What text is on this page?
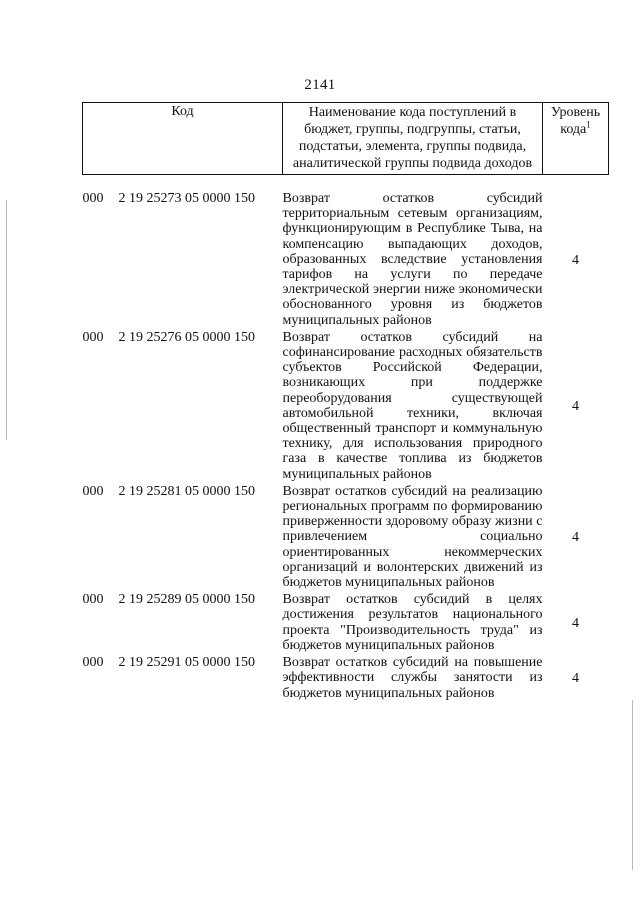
2141
Код	Наименование кода поступлений в бюджет, группы, подгруппы, статьи, подстатьи, элемента, группы подвида, аналитической группы подвида доходов	Уровень кода$^1$

000 2 19 25273 05 0000 150	Возврат остатков субсидий территориальным сетевым организациям, функционирующим в Республике Тыва, на компенсацию выпадающих доходов, образованных вследствие установления тарифов на услуги по передаче электрической энергии ниже экономически обоснованного уровня из бюджетов муниципальных районов	4
000 2 19 25276 05 0000 150	Возврат остатков субсидий на софинансирование расходных обязательств субъектов Российской Федерации, возникающих при поддержке переоборудования существующей автомобильной техники, включая общественный транспорт и коммунальную технику, для использования природного газа в качестве топлива из бюджетов муниципальных районов	4
000 2 19 25281 05 0000 150	Возврат остатков субсидий на реализацию региональных программ по формированию приверженности здоровому образу жизни с привлечением социально ориентированных некоммерческих организаций и волонтерских движений из бюджетов муниципальных районов	4
000 2 19 25289 05 0000 150	Возврат остатков субсидий в целях достижения результатов национального проекта "Производительность труда" из бюджетов муниципальных районов	4
000 2 19 25291 05 0000 150	Возврат остатков субсидий на повышение эффективности службы занятости из бюджетов муниципальных районов	4
